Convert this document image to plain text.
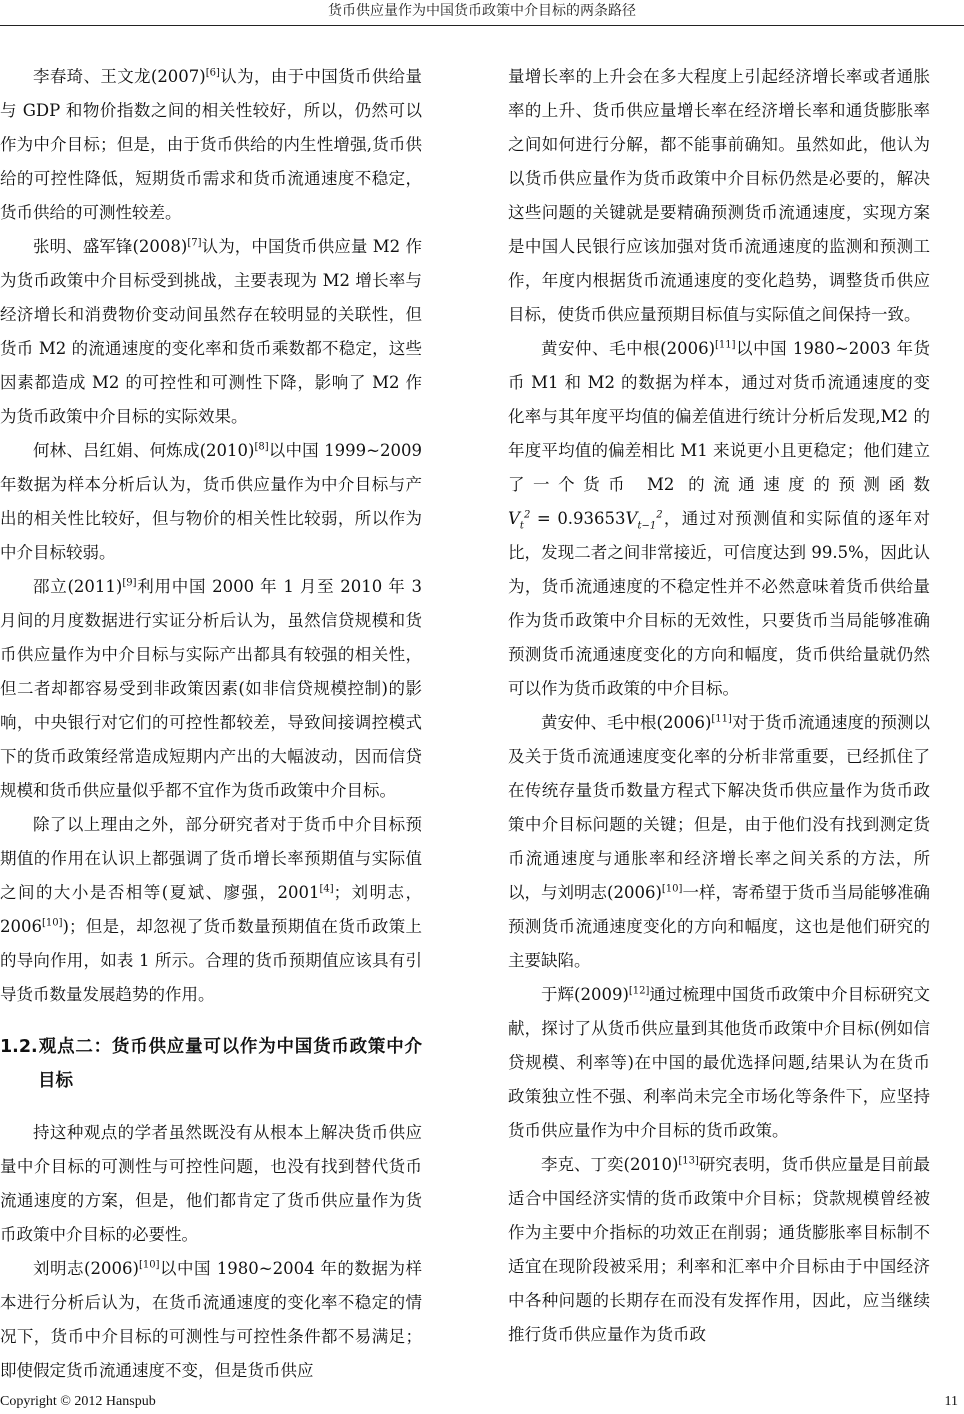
货币供应量作为中国货币政策中介目标的两条路径

李春琦、王文龙(2007)[6]认为，由于中国货币供给量与 GDP 和物价指数之间的相关性较好，所以，仍然可以作为中介目标；但是，由于货币供给的内生性增强,货币供给的可控性降低，短期货币需求和货币流通速度不稳定，货币供给的可测性较差。

张明、盛军锋(2008)[7]认为，中国货币供应量 M2 作为货币政策中介目标受到挑战，主要表现为 M2 增长率与经济增长和消费物价变动间虽然存在较明显的关联性，但货币 M2 的流通速度的变化率和货币乘数都不稳定，这些因素都造成 M2 的可控性和可测性下降，影响了 M2 作为货币政策中介目标的实际效果。

何林、吕红娟、何炼成(2010)[8]以中国 1999~2009 年数据为样本分析后认为，货币供应量作为中介目标与产出的相关性比较好，但与物价的相关性比较弱，所以作为中介目标较弱。

邵立(2011)[9]利用中国 2000 年 1 月至 2010 年 3 月间的月度数据进行实证分析后认为，虽然信贷规模和货币供应量作为中介目标与实际产出都具有较强的相关性，但二者却都容易受到非政策因素(如非信贷规模控制)的影响，中央银行对它们的可控性都较差，导致间接调控模式下的货币政策经常造成短期内产出的大幅波动，因而信贷规模和货币供应量似乎都不宜作为货币政策中介目标。

除了以上理由之外，部分研究者对于货币中介目标预期值的作用在认识上都强调了货币增长率预期值与实际值之间的大小是否相等(夏斌、廖强，2001[4]；刘明志，2006[10])；但是，却忽视了货币数量预期值在货币政策上的导向作用，如表 1 所示。合理的货币预期值应该具有引导货币数量发展趋势的作用。

1.2.观点二：货币供应量可以作为中国货币政策中介目标

持这种观点的学者虽然既没有从根本上解决货币供应量中介目标的可测性与可控性问题，也没有找到替代货币流通速度的方案，但是，他们都肯定了货币供应量作为货币政策中介目标的必要性。

刘明志(2006)[10]以中国 1980~2004 年的数据为样本进行分析后认为，在货币流通速度的变化率不稳定的情况下，货币中介目标的可测性与可控性条件都不易满足；即使假定货币流通速度不变，但是货币供应

量增长率的上升会在多大程度上引起经济增长率或者通胀率的上升、货币供应量增长率在经济增长率和通货膨胀率之间如何进行分解，都不能事前确知。虽然如此，他认为以货币供应量作为货币政策中介目标仍然是必要的，解决这些问题的关键就是要精确预测货币流通速度，实现方案是中国人民银行应该加强对货币流通速度的监测和预测工作，年度内根据货币流通速度的变化趋势，调整货币供应目标，使货币供应量预期目标值与实际值之间保持一致。

黄安仲、毛中根(2006)[11]以中国 1980~2003 年货币 M1 和 M2 的数据为样本，通过对货币流通速度的变化率与其年度平均值的偏差值进行统计分析后发现,M2 的年度平均值的偏差相比 M1 来说更小且更稳定；他们建立了一个货币 M2 的流通速度的预测函数$V_t^2 = 0.93653V_{t-1}^2$，通过对预测值和实际值的逐年对比，发现二者之间非常接近，可信度达到 99.5%，因此认为，货币流通速度的不稳定性并不必然意味着货币供给量作为货币政策中介目标的无效性，只要货币当局能够准确预测货币流通速度变化的方向和幅度，货币供给量就仍然可以作为货币政策的中介目标。

黄安仲、毛中根(2006)[11]对于货币流通速度的预测以及关于货币流通速度变化率的分析非常重要，已经抓住了在传统存量货币数量方程式下解决货币供应量作为货币政策中介目标问题的关键；但是，由于他们没有找到测定货币流通速度与通胀率和经济增长率之间关系的方法，所以，与刘明志(2006)[10]一样，寄希望于货币当局能够准确预测货币流通速度变化的方向和幅度，这也是他们研究的主要缺陷。

于辉(2009)[12]通过梳理中国货币政策中介目标研究文献，探讨了从货币供应量到其他货币政策中介目标(例如信贷规模、利率等)在中国的最优选择问题,结果认为在货币政策独立性不强、利率尚未完全市场化等条件下，应坚持货币供应量作为中介目标的货币政策。

李克、丁奕(2010)[13]研究表明，货币供应量是目前最适合中国经济实情的货币政策中介目标；贷款规模曾经被作为主要中介指标的功效正在削弱；通货膨胀率目标制不适宜在现阶段被采用；利率和汇率中介目标由于中国经济中各种问题的长期存在而没有发挥作用，因此，应当继续推行货币供应量作为货币政

Copyright © 2012 Hanspub	11
